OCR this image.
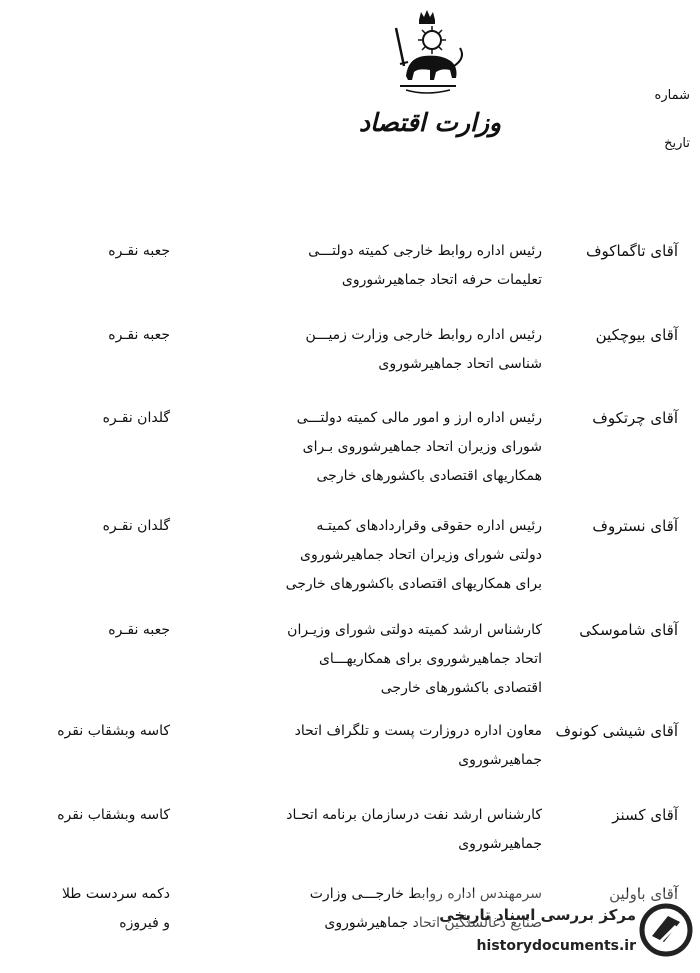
وزارت اقتصاد
شماره
تاریخ
آقای تاگماکوف
رئیس اداره روابط خارجی کمیته دولتـــی
تعلیمات حرفه اتحاد جماهیرشوروی
جعبه نقـره
آقای بیوچکین
رئیس اداره روابط خارجی وزارت زمیـــن
شناسی اتحاد جماهیرشوروی
جعبه نقـره
آقای چرتکوف
رئیس اداره ارز و امور مالی کمیته دولتـــی
شورای وزیران اتحاد جماهیرشوروی بـرای
همکاریهای اقتصادی باکشورهای خارجی
گلدان نقـره
آقای نستروف
رئیس اداره حقوقی وقراردادهای کمیتـه
دولتی شورای وزیران اتحاد جماهیرشوروی
برای همکاریهای اقتصادی باکشورهای خارجی
گلدان نقـره
آقای شاموسکی
کارشناس ارشد کمیته دولتی شورای وزیـران
اتحاد جماهیرشوروی برای همکاریهـــای
اقتصادی باکشورهای خارجی
جعبه نقـره
آقای شیشی کونوف
معاون اداره دروزارت پست و تلگراف اتحاد
جماهیرشوروی
کاسه وبشقاب نقره
آقای کسنز
کارشناس ارشد نفت درسازمان برنامه اتحـاد
جماهیرشوروی
کاسه وبشقاب نقره
آقای باولین
سرمهندس اداره روابط خارجـــی وزارت
صنایع ذغالسنگین اتحاد جماهیرشوروی
دکمه سردست طلا
و فیروزه	مرکز بررسی اسناد تاریخی
historydocuments.ir
